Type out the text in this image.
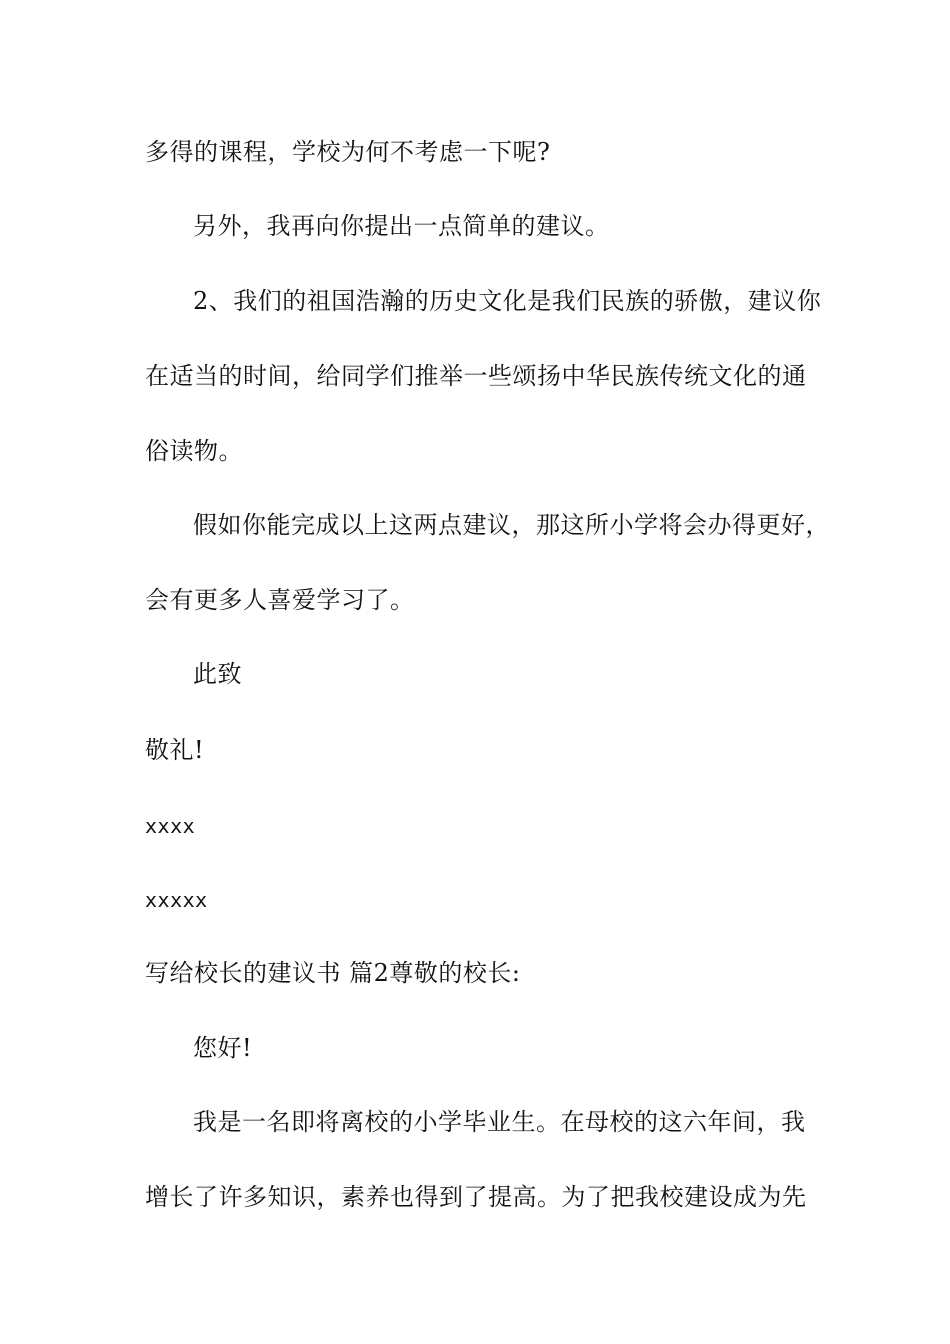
多得的课程，学校为何不考虑一下呢?
另外，我再向你提出一点简单的建议。
2、我们的祖国浩瀚的历史文化是我们民族的骄傲，建议你
在适当的时间，给同学们推举一些颂扬中华民族传统文化的通
俗读物。
假如你能完成以上这两点建议，那这所小学将会办得更好，
会有更多人喜爱学习了。
此致
敬礼!
xxxx
xxxxx
写给校长的建议书 篇2尊敬的校长:
您好!
我是一名即将离校的小学毕业生。在母校的这六年间，我
增长了许多知识，素养也得到了提高。为了把我校建设成为先
